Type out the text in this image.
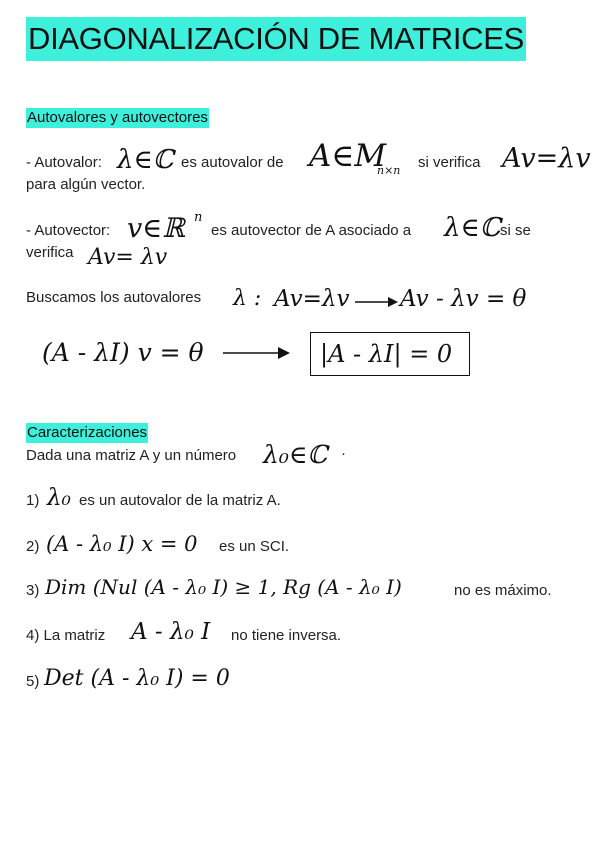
DIAGONALIZACIÓN DE MATRICES
Autovalores y autovectores
- Autovalor: λ∈ℂ es autovalor de A∈M
n×n si verifica Av=λv
para algún vector.
- Autovector: v∈ℝ n
es autovector de A asociado a λ∈ℂ si se
verifica Av= λv
Buscamos los autovalores λ : Av=λv Av - λv = θ
(A - λI) v = θ	|A - λI| = 0
Caracterizaciones
Dada una matriz A y un número λ₀∈ℂ ·
1) λ₀ es un autovalor de la matriz A.
2) (A - λ₀ I) x = 0 es un SCI.
3) Dim (Nul (A - λ₀ I) ≥ 1, Rg (A - λ₀ I)	no es máximo.
4) La matriz A - λ₀ I no tiene inversa.
5) Det (A - λ₀ I) = 0
